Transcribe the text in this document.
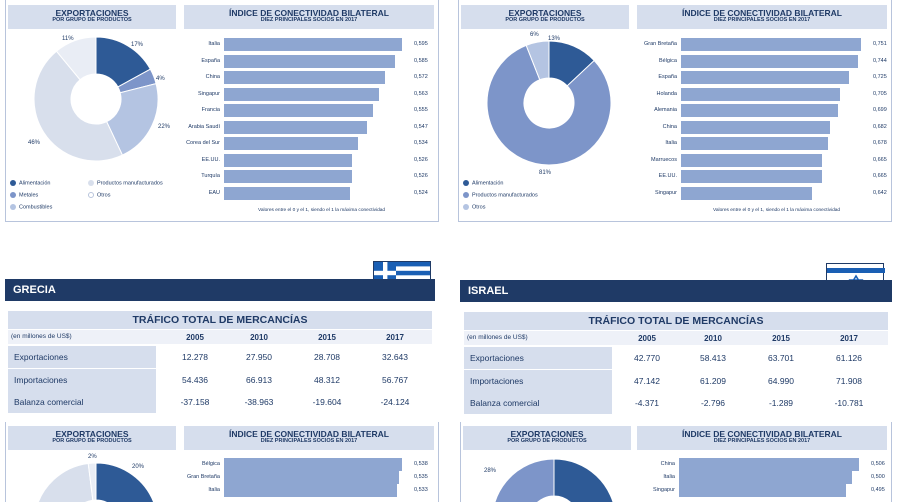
EXPORTACIONES
POR GRUPO DE PRODUCTOS
17%
4%
22%
46%
11%
Alimentación	Productos manufacturados
Metales	Otros
Combustibles
ÍNDICE DE CONECTIVIDAD BILATERAL
DIEZ PRINCIPALES SOCIOS EN 2017
Italia	0,595
España	0,585
China	0,572
Singapur	0,563
Francia	0,555
Arabia Saudí	0,547
Corea del Sur	0,534
EE.UU.	0,526
Turquía	0,526
EAU	0,524
Valores entre el 0 y el 1, siendo el 1 la máxima conectividad
EXPORTACIONES
POR GRUPO DE PRODUCTOS
13%
81%
6%
Alimentación
Productos manufacturados
Otros
ÍNDICE DE CONECTIVIDAD BILATERAL
DIEZ PRINCIPALES SOCIOS EN 2017
Gran Bretaña	0,751
Bélgica	0,744
España	0,725
Holanda	0,705
Alemania	0,699
China	0,682
Italia	0,678
Marruecos	0,665
EE.UU.	0,665
Singapur	0,642
Valores entre el 0 y el 1, siendo el 1 la máxima conectividad
GRECIA
TRÁFICO TOTAL DE MERCANCÍAS
(en millones de US$)	2005	2010	2015	2017
Exportaciones	12.278	27.950	28.708	32.643
Importaciones	54.436	66.913	48.312	56.767
Balanza comercial	-37.158	-38.963	-19.604	-24.124
EXPORTACIONES
POR GRUPO DE PRODUCTOS
2%
20%
ÍNDICE DE CONECTIVIDAD BILATERAL
DIEZ PRINCIPALES SOCIOS EN 2017
Bélgica	0,538
Gran Bretaña	0,535
Italia	0,533
ISRAEL
TRÁFICO TOTAL DE MERCANCÍAS
(en millones de US$)	2005	2010	2015	2017
Exportaciones	42.770	58.413	63.701	61.126
Importaciones	47.142	61.209	64.990	71.908
Balanza comercial	-4.371	-2.796	-1.289	-10.781
EXPORTACIONES
POR GRUPO DE PRODUCTOS
28%
ÍNDICE DE CONECTIVIDAD BILATERAL
DIEZ PRINCIPALES SOCIOS EN 2017
China	0,506
Italia	0,500
Singapur	0,495
